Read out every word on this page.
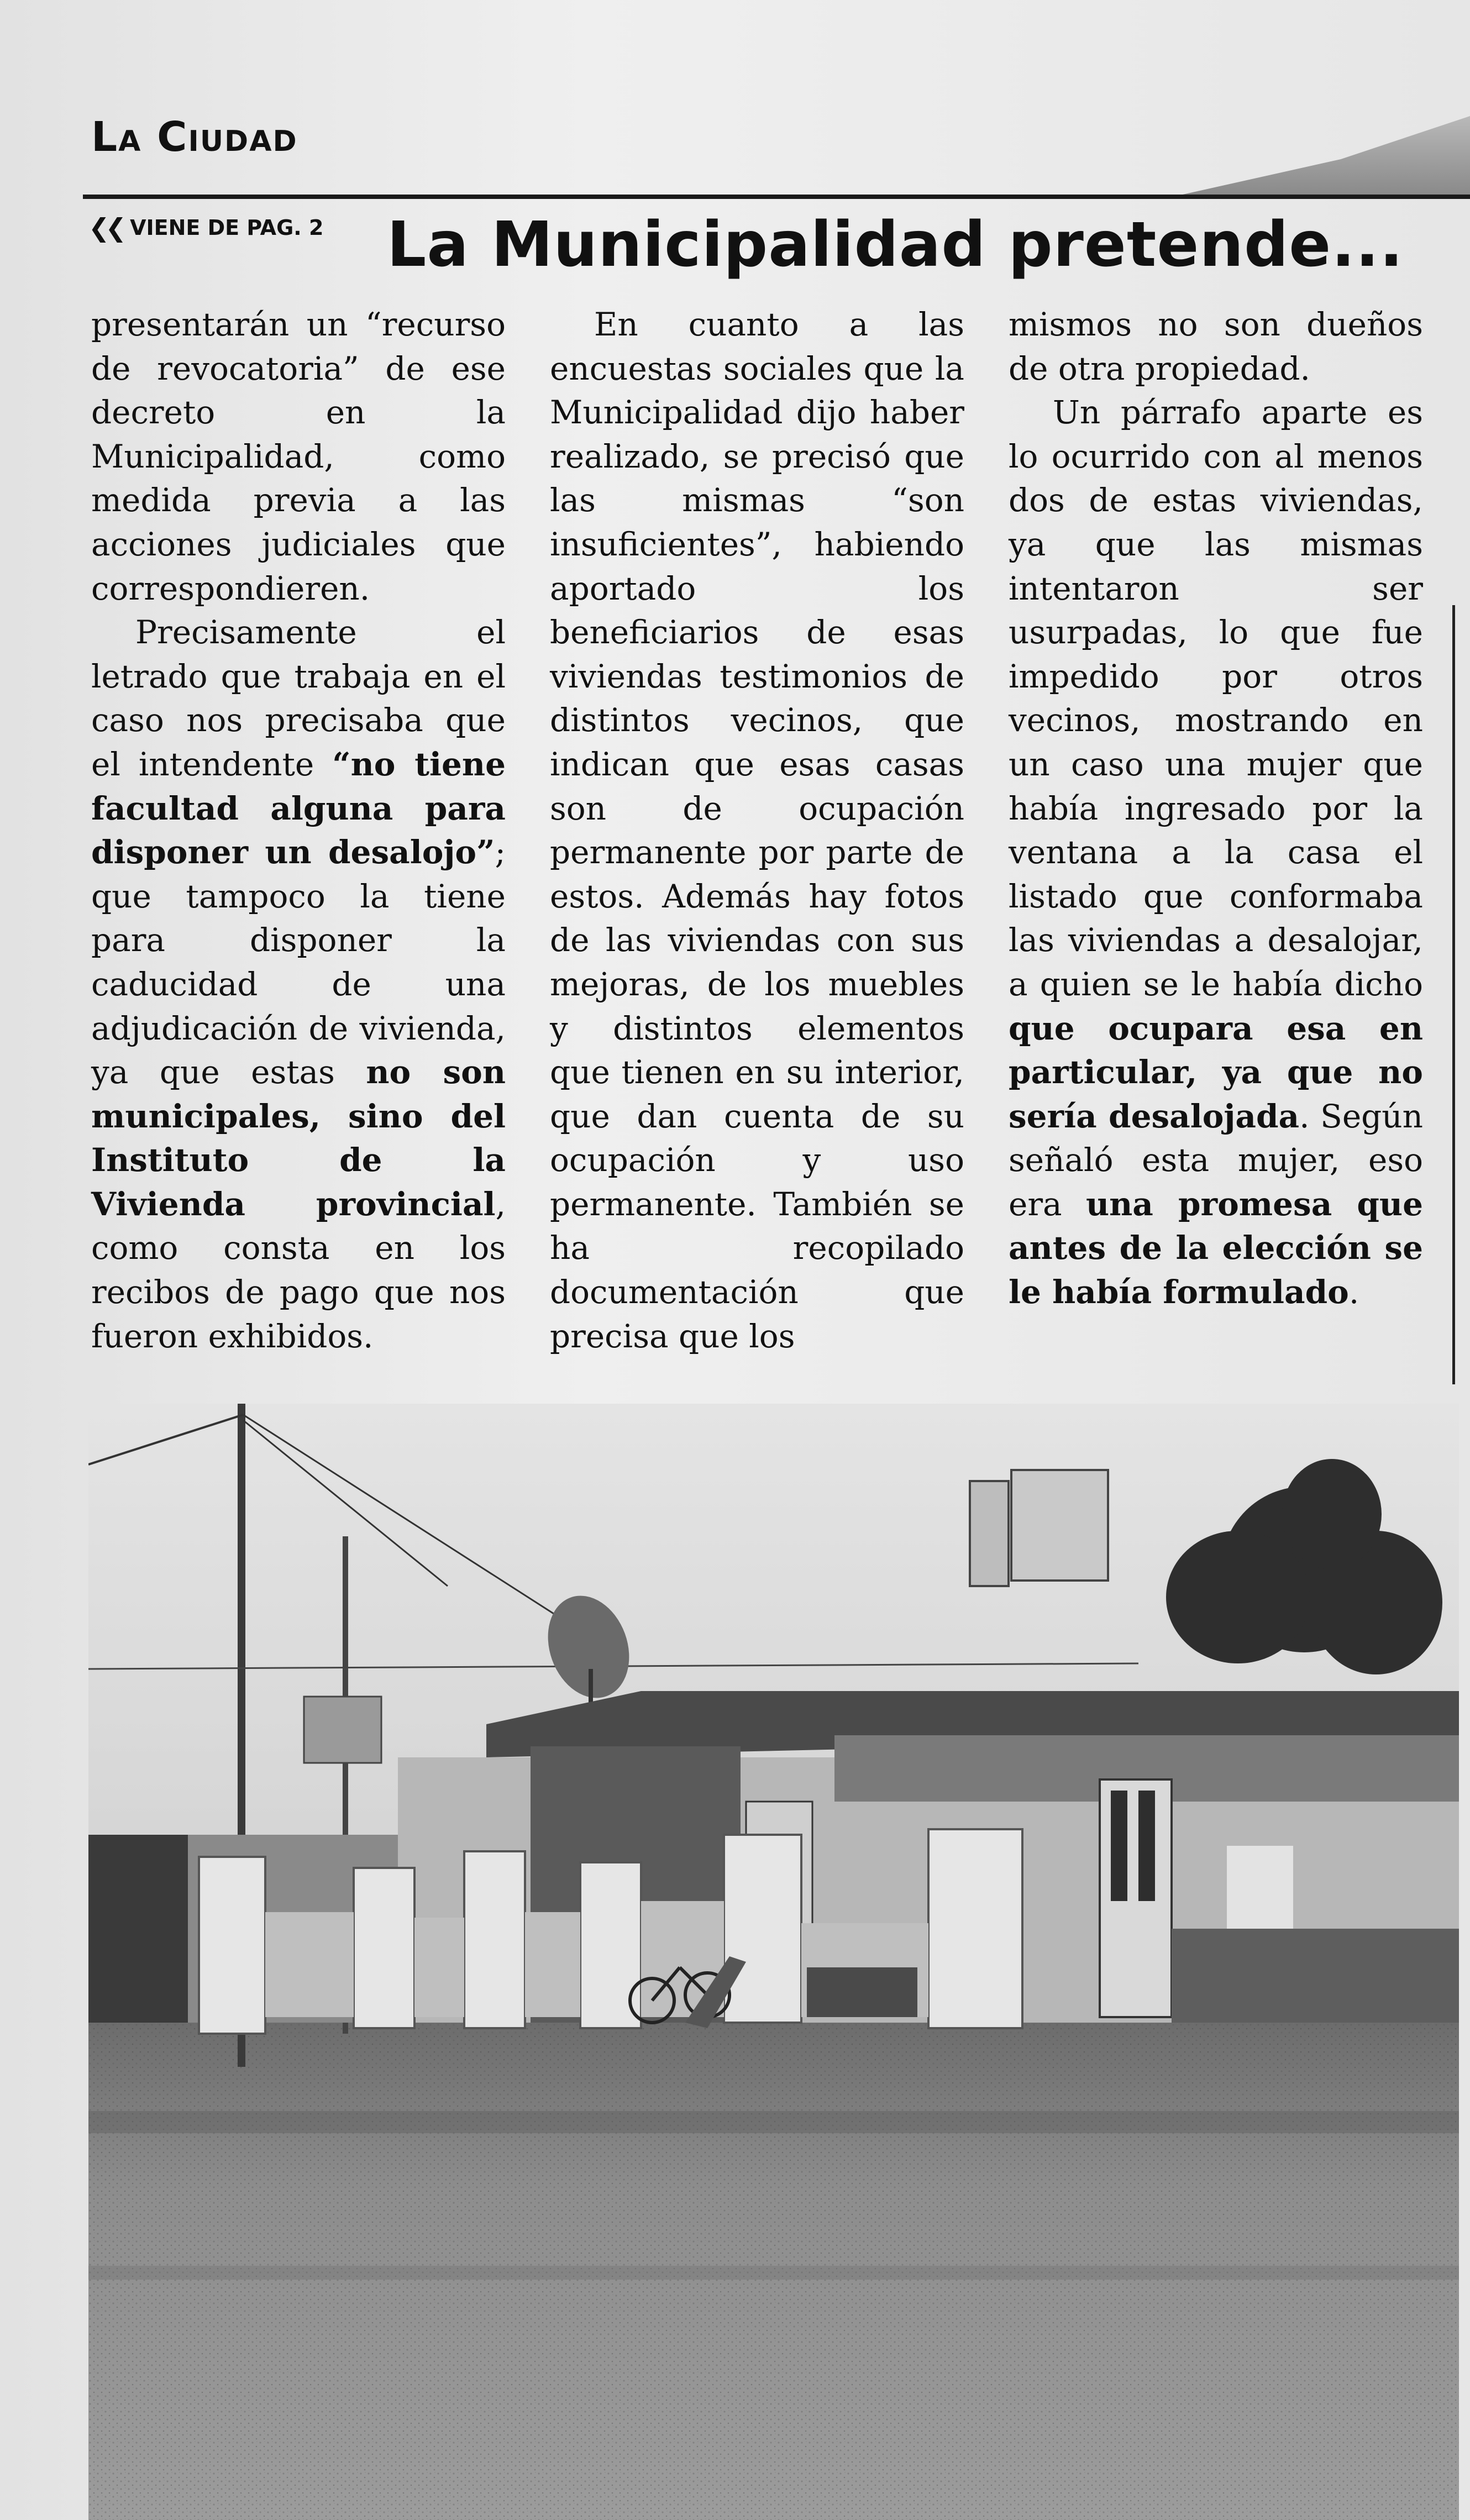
La Ciudad
❮❮ VIENE DE PAG. 2 La Municipalidad pretende...

presentarán un “recurso de revocatoria” de ese decreto en la Municipalidad, como medida previa a las acciones judiciales que correspondieren.

Precisamente el letrado que trabaja en el caso nos precisaba que el intendente “no tiene facultad alguna para disponer un desalojo”; que tampoco la tiene para disponer la caducidad de una adjudicación de vivienda, ya que estas no son municipales, sino del Instituto de la Vivienda provincial, como consta en los recibos de pago que nos fueron exhibidos.

En cuanto a las encuestas sociales que la Municipalidad dijo haber realizado, se precisó que las mismas “son insuficientes”, habiendo aportado los beneficiarios de esas viviendas testimonios de distintos vecinos, que indican que esas casas son de ocupación permanente por parte de estos. Además hay fotos de las viviendas con sus mejoras, de los muebles y distintos elementos que tienen en su interior, que dan cuenta de su ocupación y uso permanente. También se ha recopilado documentación que precisa que los

mismos no son dueños de otra propiedad.

Un párrafo aparte es lo ocurrido con al menos dos de estas viviendas, ya que las mismas intentaron ser usurpadas, lo que fue impedido por otros vecinos, mostrando en un caso una mujer que había ingresado por la ventana a la casa el listado que conformaba las viviendas a desalojar, a quien se le había dicho que ocupara esa en particular, ya que no sería desalojada. Según señaló esta mujer, eso era una promesa que antes de la elección se le había formulado.
